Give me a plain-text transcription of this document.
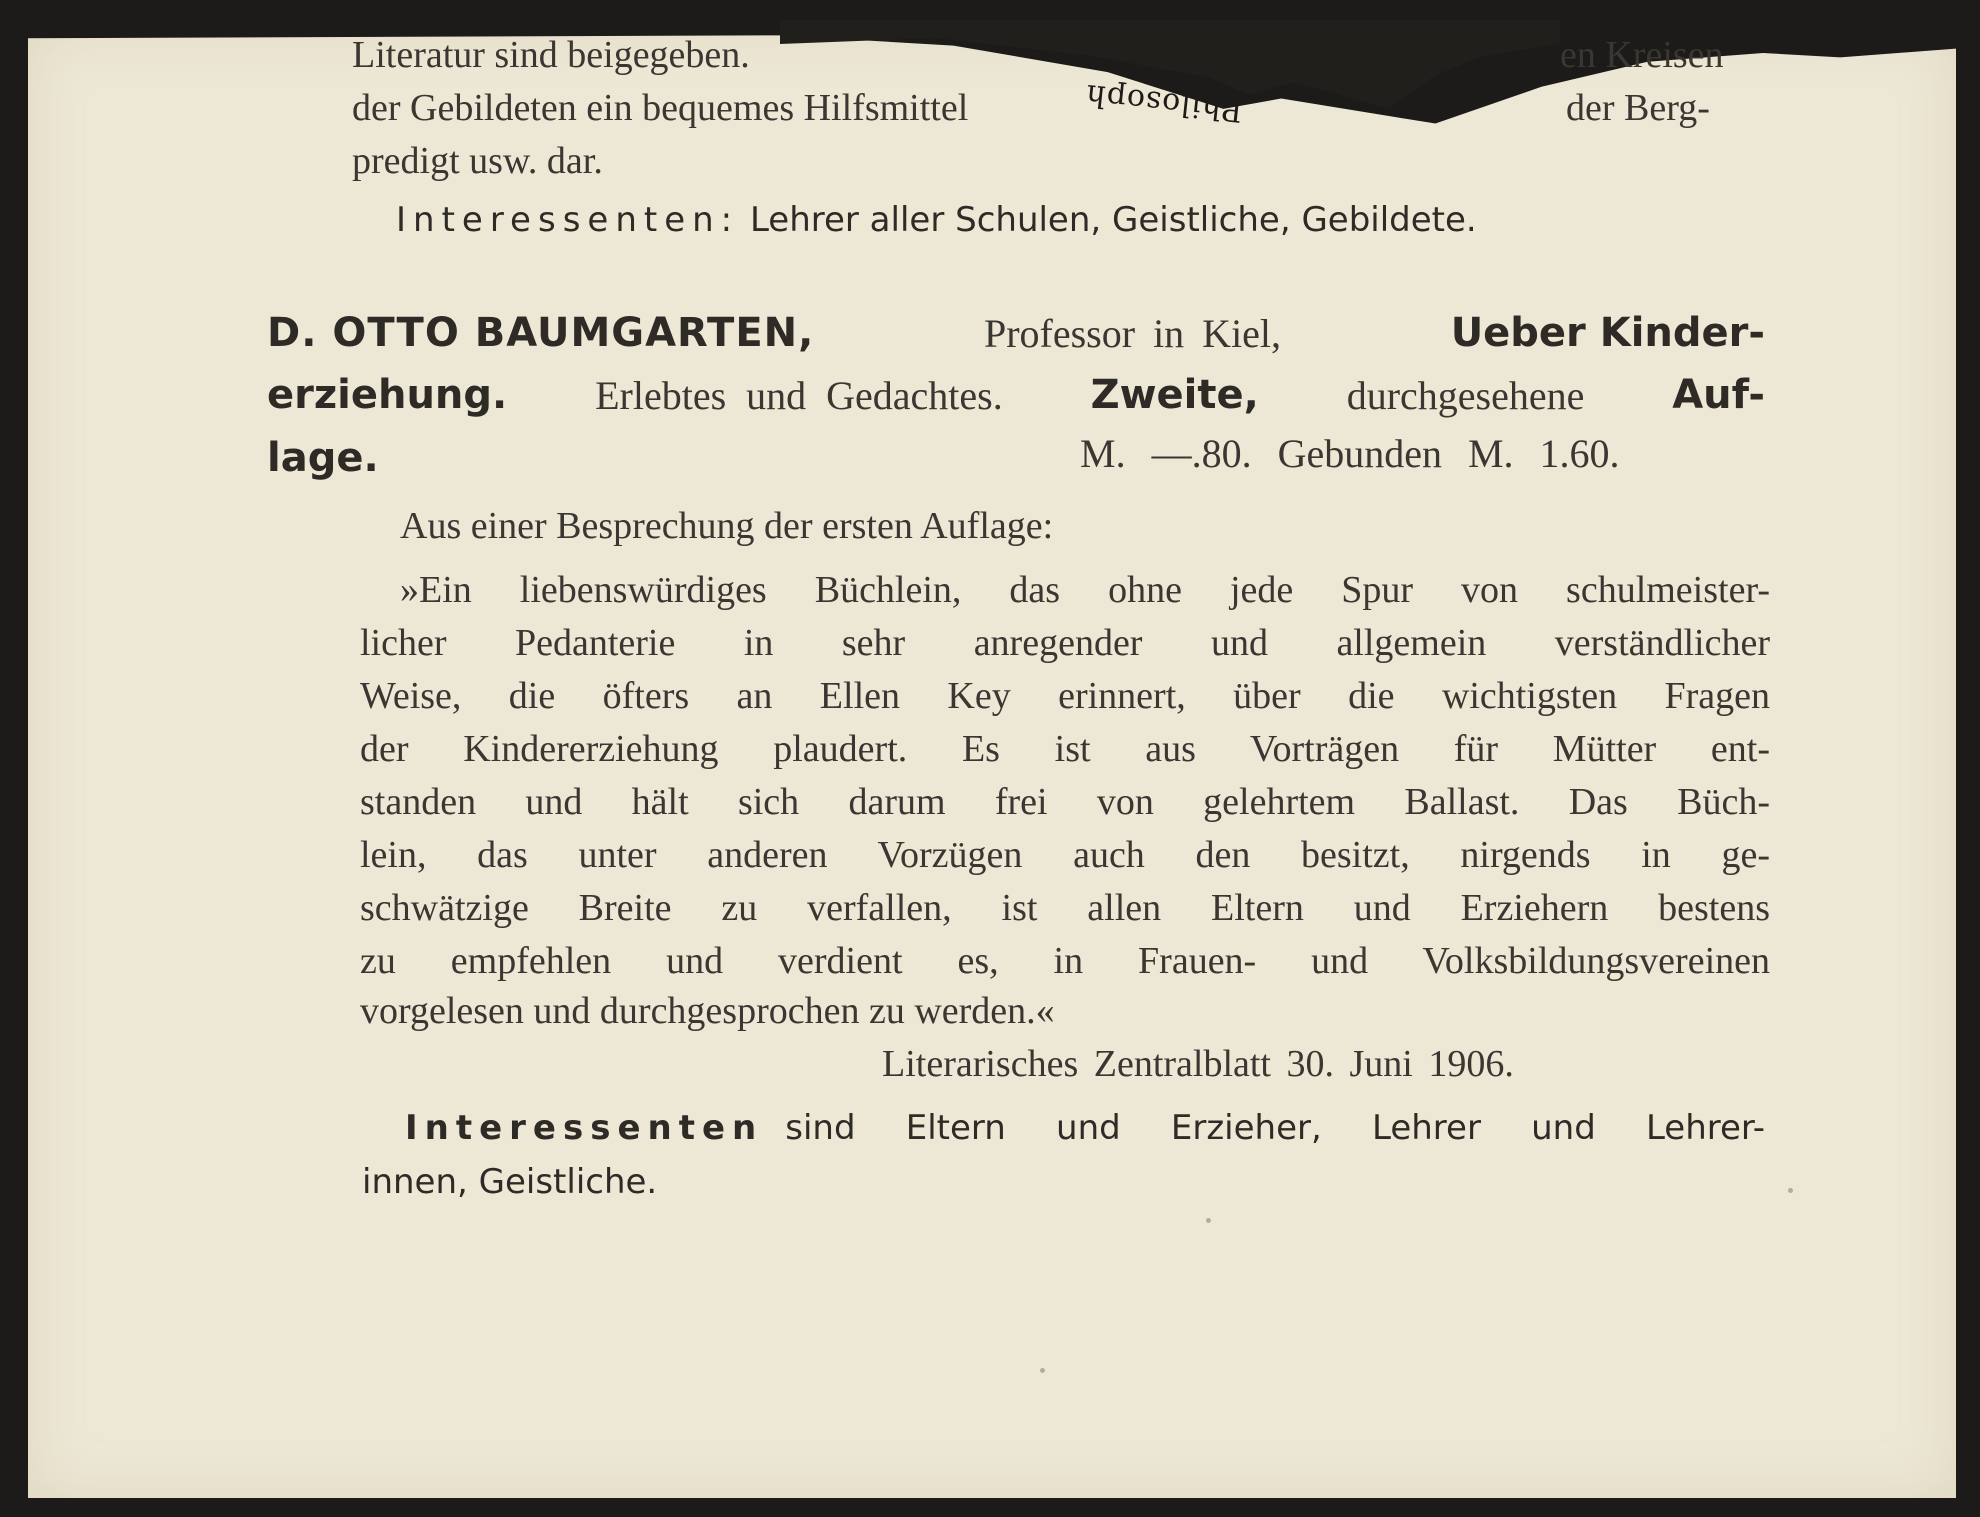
Philosoph
Literatur sind beigegeben.	en Kreisen
der Gebildeten ein bequemes Hilfsmittel	der Berg-
predigt usw. dar.
Interessenten: Lehrer aller Schulen, Geistliche, Gebildete.
D. OTTO BAUMGARTEN,	Professor in Kiel,	Ueber Kinder-
erziehung. Erlebtes und Gedachtes. Zweite, durchgesehene Auf-
lage.	M. —.80. Gebunden M. 1.60.
Aus einer Besprechung der ersten Auflage:
»Ein liebenswürdiges Büchlein, das ohne jede Spur von schulmeister-
licher Pedanterie in sehr anregender und allgemein verständlicher
Weise, die öfters an Ellen Key erinnert, über die wichtigsten Fragen
der Kindererziehung plaudert. Es ist aus Vorträgen für Mütter ent-
standen und hält sich darum frei von gelehrtem Ballast. Das Büch-
lein, das unter anderen Vorzügen auch den besitzt, nirgends in ge-
schwätzige Breite zu verfallen, ist allen Eltern und Erziehern bestens
zu empfehlen und verdient es, in Frauen- und Volksbildungsvereinen
vorgelesen und durchgesprochen zu werden.«
Literarisches Zentralblatt 30. Juni 1906.
Interessenten sind Eltern und Erzieher, Lehrer und Lehrer-
innen, Geistliche.
